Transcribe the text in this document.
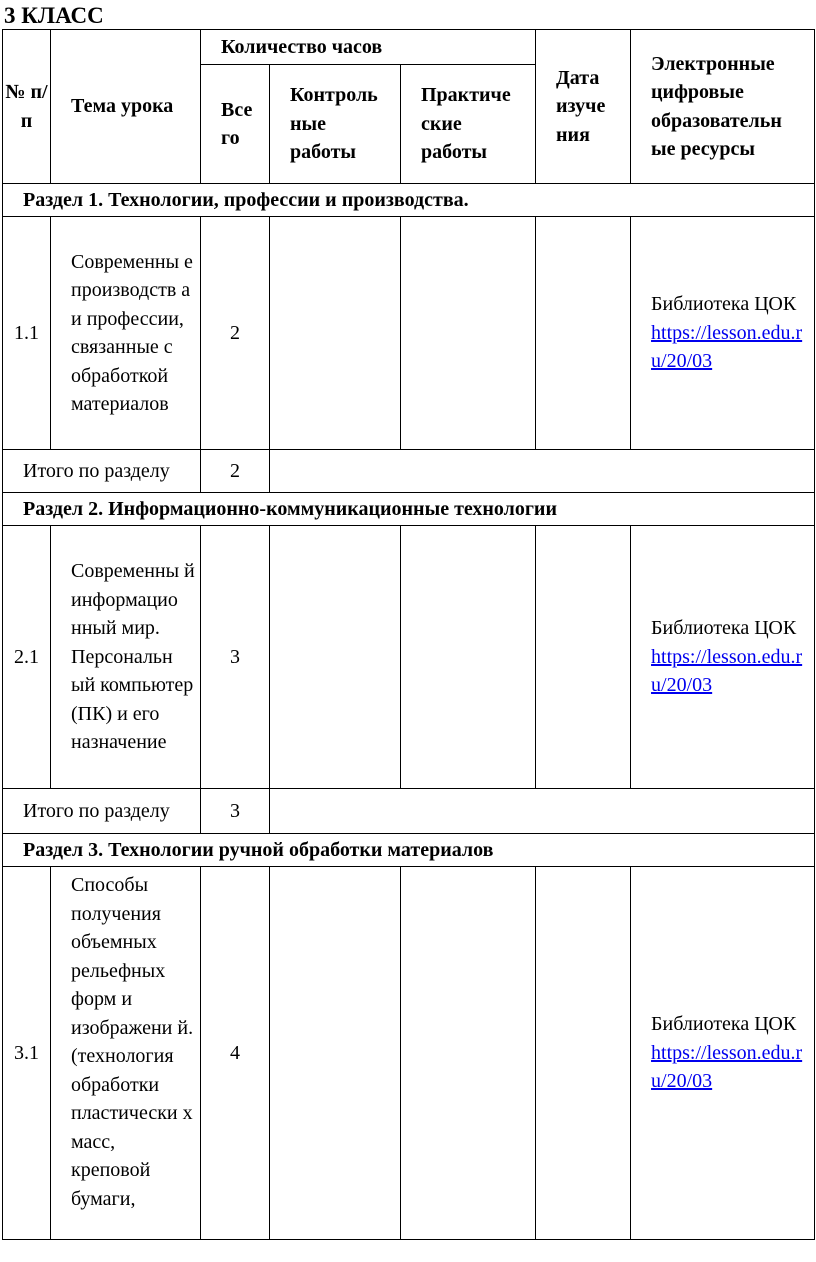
3 КЛАСС
№ п/ п	Тема урока	Количество часов			Дата изуче ния	Электронные цифровые образовательн ые ресурсы
		Все го	Контроль ные работы	Практиче ские работы		
Раздел 1. Технологии, профессии и производства.						
1.1	Современны е производств а и профессии, связанные с обработкой материалов	2				Библиотека ЦОК
https://lesson.edu.ru/20/03
Итого по разделу		2				
Раздел 2. Информационно-коммуникационные технологии						
2.1	Современны й информацио нный мир. Персональн ый компьютер (ПК) и его назначение	3				Библиотека ЦОК
https://lesson.edu.ru/20/03
Итого по разделу		3				
Раздел 3. Технологии ручной обработки материалов						
3.1	Способы получения объемных рельефных форм и изображени й. (технология обработки пластически х масс, креповой бумаги,	4				Библиотека ЦОК
https://lesson.edu.ru/20/03
